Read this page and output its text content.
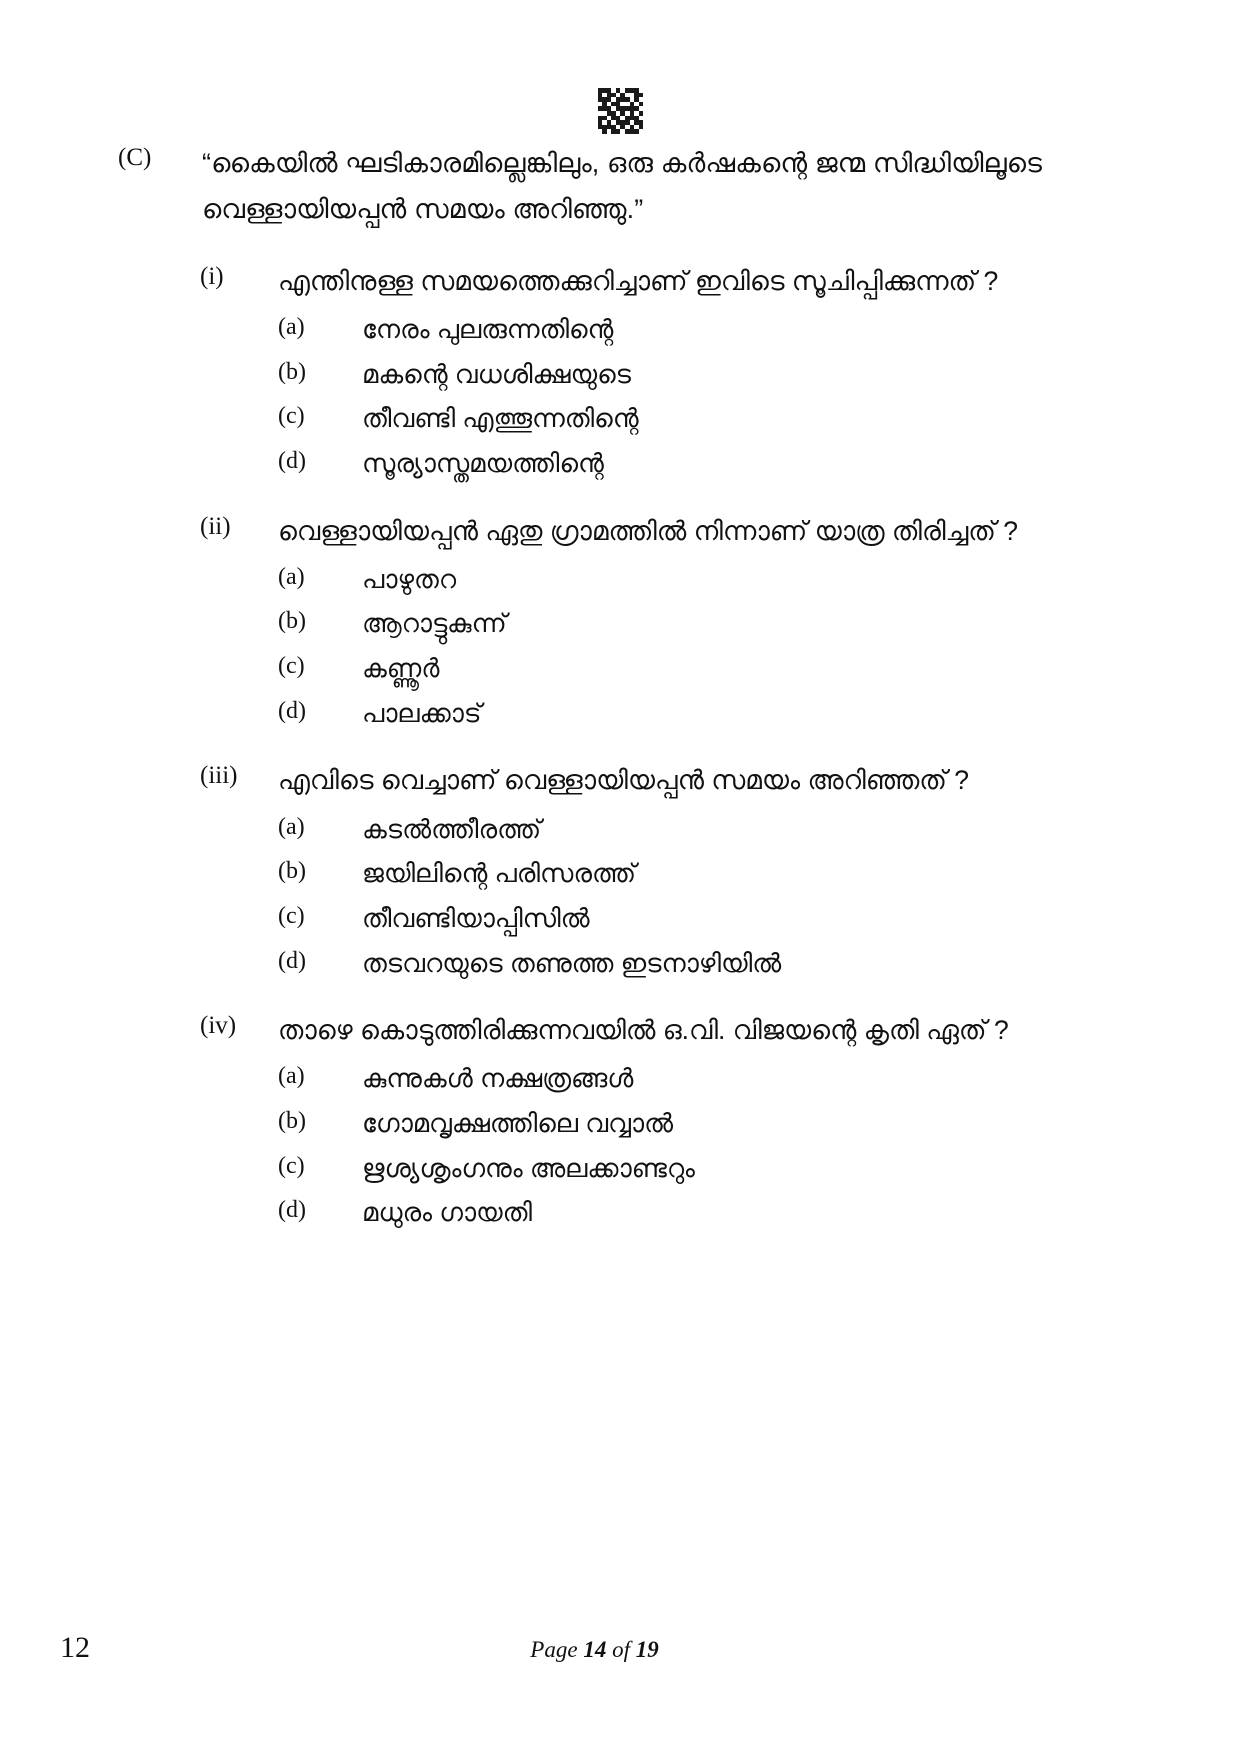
(C)	“കൈയിൽ ഘടികാരമില്ലെങ്കിലും, ഒരു കർഷകന്റെ ജന്മ സിദ്ധിയിലൂടെ വെള്ളായിയപ്പൻ സമയം അറിഞ്ഞു.”
(i)	എന്തിനുള്ള സമയത്തെക്കുറിച്ചാണ് ഇവിടെ സൂചിപ്പിക്കുന്നത് ?
(a)	നേരം പുലരുന്നതിന്റെ
(b)	മകന്റെ വധശിക്ഷയുടെ
(c)	തീവണ്ടി എത്തൂന്നതിന്റെ
(d)	സൂര്യാസ്തമയത്തിന്റെ
(ii)	വെള്ളായിയപ്പൻ ഏതു ഗ്രാമത്തിൽ നിന്നാണ് യാത്ര തിരിച്ചത് ?
(a)	പാഴുതറ
(b)	ആറാട്ടുകുന്ന്
(c)	കണ്ണൂർ
(d)	പാലക്കാട്
(iii)	എവിടെ വെച്ചാണ് വെള്ളായിയപ്പൻ സമയം അറിഞ്ഞത് ?
(a)	കടൽത്തീരത്ത്
(b)	ജയിലിന്റെ പരിസരത്ത്
(c)	തീവണ്ടിയാപ്പിസിൽ
(d)	തടവറയുടെ തണുത്ത ഇടനാഴിയിൽ
(iv)	താഴെ കൊടുത്തിരിക്കുന്നവയിൽ ഒ.വി. വിജയന്റെ കൃതി ഏത് ?
(a)	കുന്നുകൾ നക്ഷത്രങ്ങൾ
(b)	ഗോമവൃക്ഷത്തിലെ വവ്വാൽ
(c)	ഋശ്യശൃംഗനും അലക്കാണ്ടറും
(d)	മധുരം ഗായതി
12	Page 14 of 19
